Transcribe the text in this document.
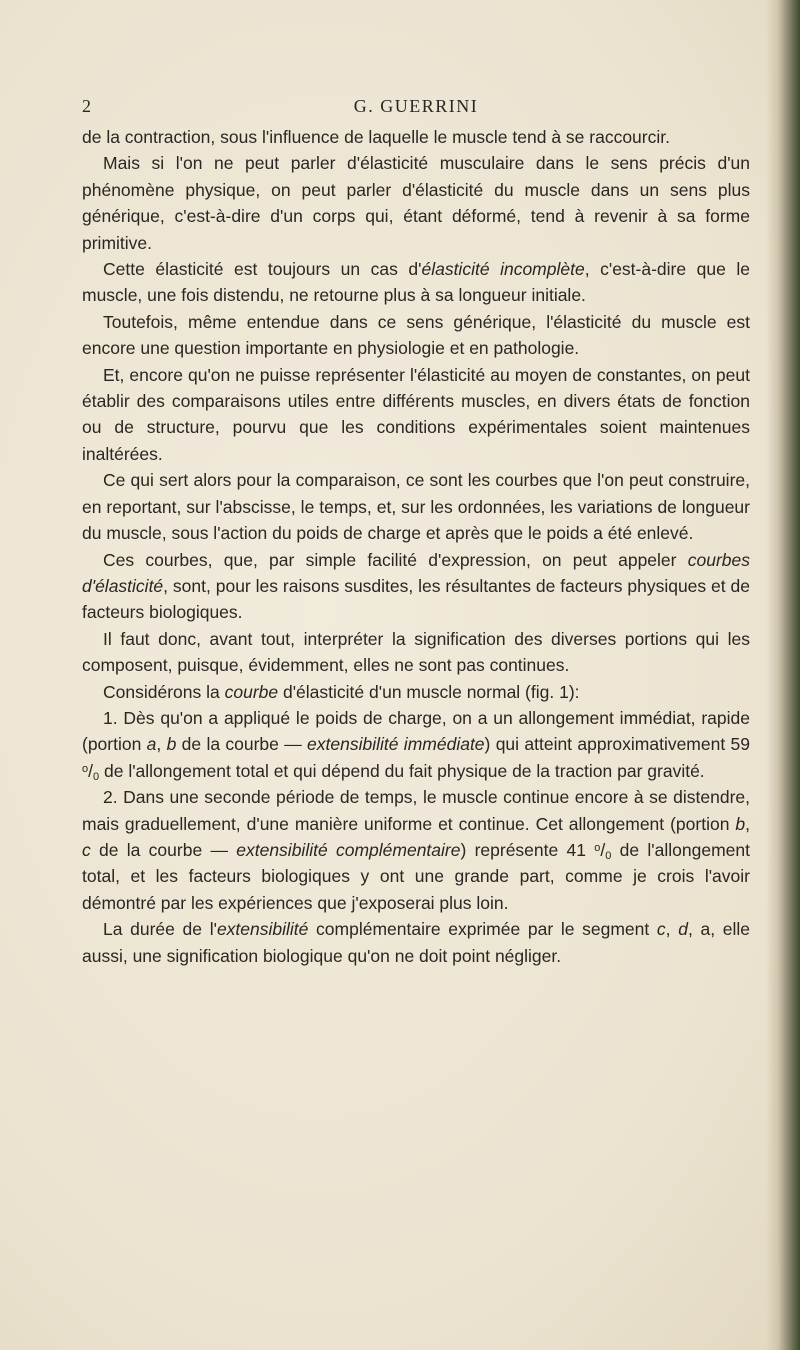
2	G. GUERRINI

de la contraction, sous l'influence de laquelle le muscle tend à se raccourcir.

Mais si l'on ne peut parler d'élasticité musculaire dans le sens précis d'un phénomène physique, on peut parler d'élasticité du muscle dans un sens plus générique, c'est-à-dire d'un corps qui, étant déformé, tend à revenir à sa forme primitive.

Cette élasticité est toujours un cas d'élasticité incomplète, c'est-à-dire que le muscle, une fois distendu, ne retourne plus à sa longueur initiale.

Toutefois, même entendue dans ce sens générique, l'élasticité du muscle est encore une question importante en physiologie et en pathologie.

Et, encore qu'on ne puisse représenter l'élasticité au moyen de constantes, on peut établir des comparaisons utiles entre différents muscles, en divers états de fonction ou de structure, pourvu que les conditions expérimentales soient maintenues inaltérées.

Ce qui sert alors pour la comparaison, ce sont les courbes que l'on peut construire, en reportant, sur l'abscisse, le temps, et, sur les ordonnées, les variations de longueur du muscle, sous l'action du poids de charge et après que le poids a été enlevé.

Ces courbes, que, par simple facilité d'expression, on peut appeler courbes d'élasticité, sont, pour les raisons susdites, les résultantes de facteurs physiques et de facteurs biologiques.

Il faut donc, avant tout, interpréter la signification des diverses portions qui les composent, puisque, évidemment, elles ne sont pas continues.

Considérons la courbe d'élasticité d'un muscle normal (fig. 1):

1. Dès qu'on a appliqué le poids de charge, on a un allongement immédiat, rapide (portion a, b de la courbe — extensibilité immédiate) qui atteint approximativement 59 $^o/_0$ de l'allongement total et qui dépend du fait physique de la traction par gravité.

2. Dans une seconde période de temps, le muscle continue encore à se distendre, mais graduellement, d'une manière uniforme et continue. Cet allongement (portion b, c de la courbe — extensibilité complémentaire) représente 41 $^o/_0$ de l'allongement total, et les facteurs biologiques y ont une grande part, comme je crois l'avoir démontré par les expériences que j'exposerai plus loin.

La durée de l'extensibilité complémentaire exprimée par le segment c, d, a, elle aussi, une signification biologique qu'on ne doit point négliger.
